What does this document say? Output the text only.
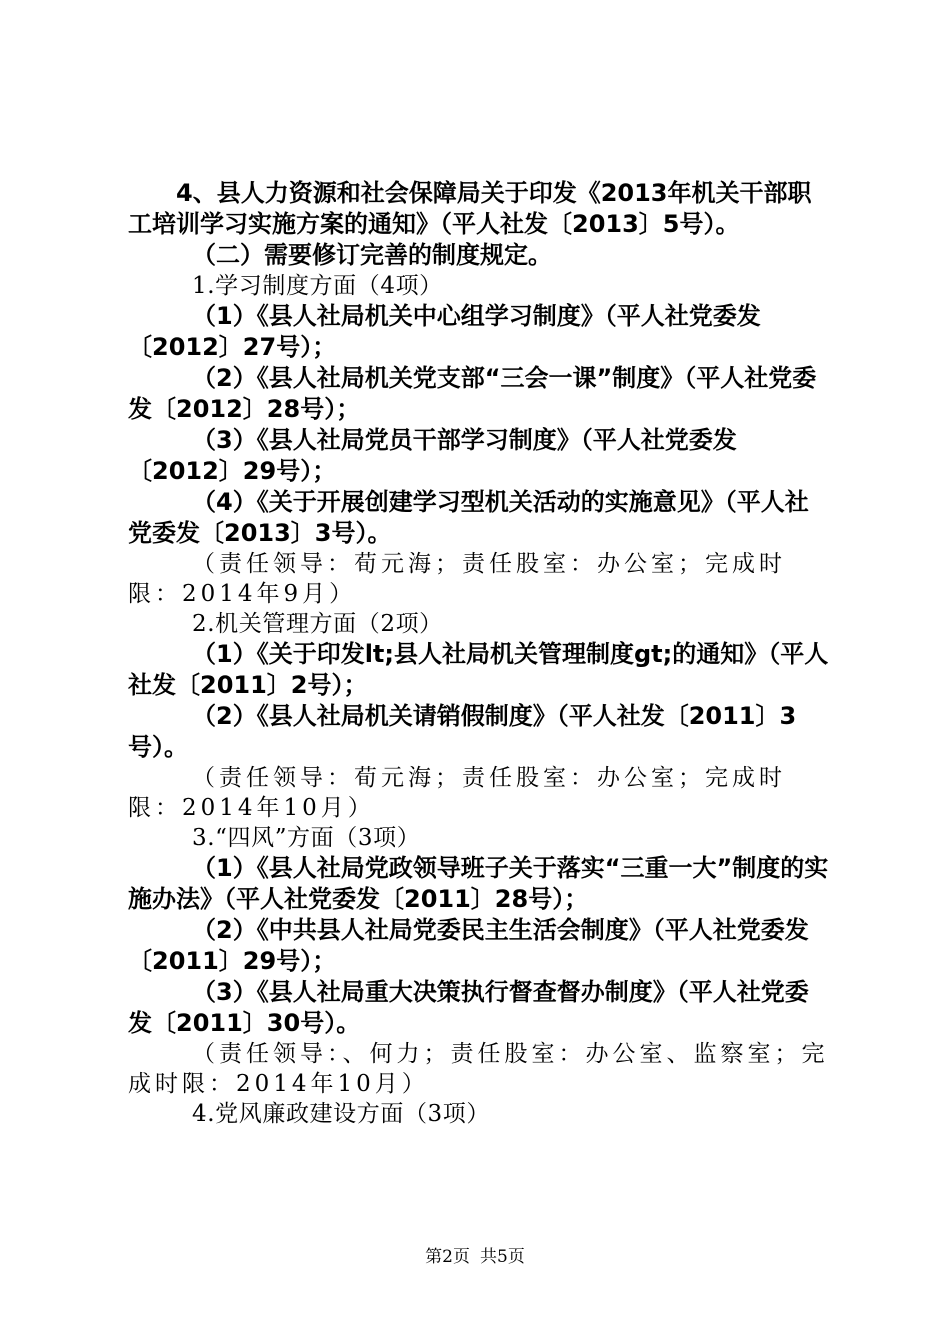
4、县人力资源和社会保障局关于印发《2013年机关干部职工培训学习实施方案的通知》（平人社发〔2013〕5号）。

（二）需要修订完善的制度规定。

1.学习制度方面（4项）

（1）《县人社局机关中心组学习制度》（平人社党委发〔2012〕27号）；

（2）《县人社局机关党支部“三会一课”制度》（平人社党委发〔2012〕28号）；

（3）《县人社局党员干部学习制度》（平人社党委发〔2012〕29号）；

（4）《关于开展创建学习型机关活动的实施意见》（平人社党委发〔2013〕3号）。

（责任领导：荀元海；责任股室：办公室；完成时限：2014年9月）

2.机关管理方面（2项）

（1）《关于印发lt;县人社局机关管理制度gt;的通知》（平人社发〔2011〕2号）；

（2）《县人社局机关请销假制度》（平人社发〔2011〕3号）。

（责任领导：荀元海；责任股室：办公室；完成时限：2014年10月）

3.“四风”方面（3项）

（1）《县人社局党政领导班子关于落实“三重一大”制度的实施办法》（平人社党委发〔2011〕28号）；

（2）《中共县人社局党委民主生活会制度》（平人社党委发〔2011〕29号）；

（3）《县人社局重大决策执行督查督办制度》（平人社党委发〔2011〕30号）。

（责任领导：、何力；责任股室：办公室、监察室；完成时限：2014年10月）

4.党风廉政建设方面（3项）

第2页 共5页
